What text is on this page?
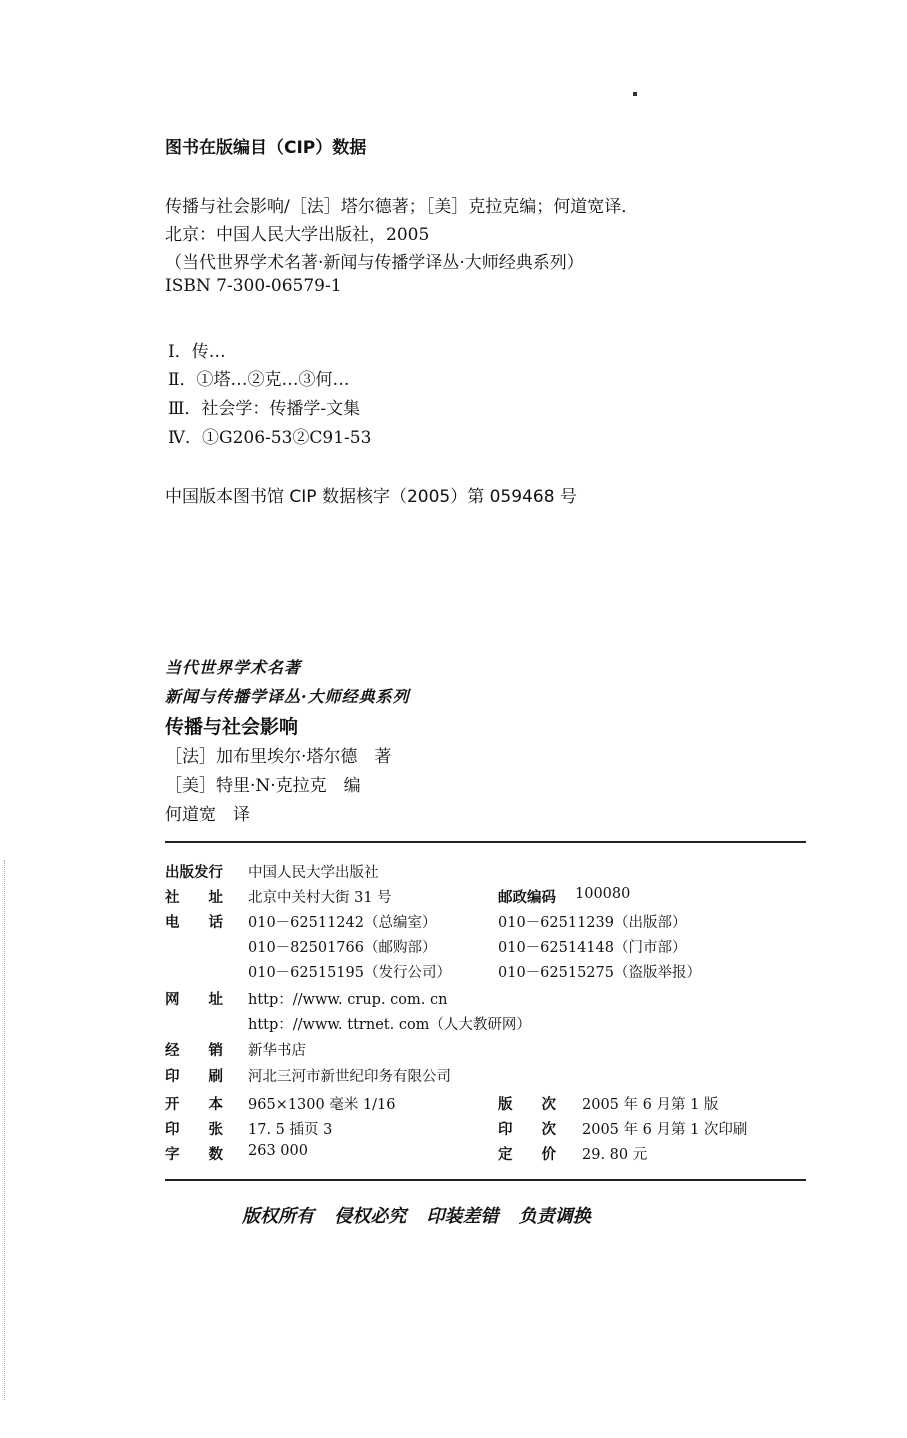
图书在版编目（CIP）数据
传播与社会影响/［法］塔尔德著；［美］克拉克编；何道宽译．
北京：中国人民大学出版社，2005
（当代世界学术名著·新闻与传播学译丛·大师经典系列）
ISBN 7-300-06579-1
Ⅰ．传…
Ⅱ．①塔…②克…③何…
Ⅲ．社会学：传播学-文集
Ⅳ．①G206-53②C91-53
中国版本图书馆 CIP 数据核字（2005）第 059468 号
当代世界学术名著
新闻与传播学译丛·大师经典系列
传播与社会影响
［法］加布里埃尔·塔尔德　著
［美］特里·N·克拉克　编
何道宽　译
出版发行 中国人民大学出版社
社　　址 北京中关村大街 31 号	邮政编码 100080
电　　话 010－62511242（总编室）	010－62511239（出版部）
010－82501766（邮购部）	010－62514148（门市部）
010－62515195（发行公司）	010－62515275（盗版举报）
网　　址 http：//www. crup. com. cn
http：//www. ttrnet. com（人大教研网）
经　　销 新华书店
印　　刷 河北三河市新世纪印务有限公司
开　　本 965×1300 毫米 1/16	版　　次 2005 年 6 月第 1 版
印　　张 17. 5 插页 3	印　　次 2005 年 6 月第 1 次印刷
字　　数 263 000	定　　价 29. 80 元
版权所有 侵权必究 印装差错 负责调换
